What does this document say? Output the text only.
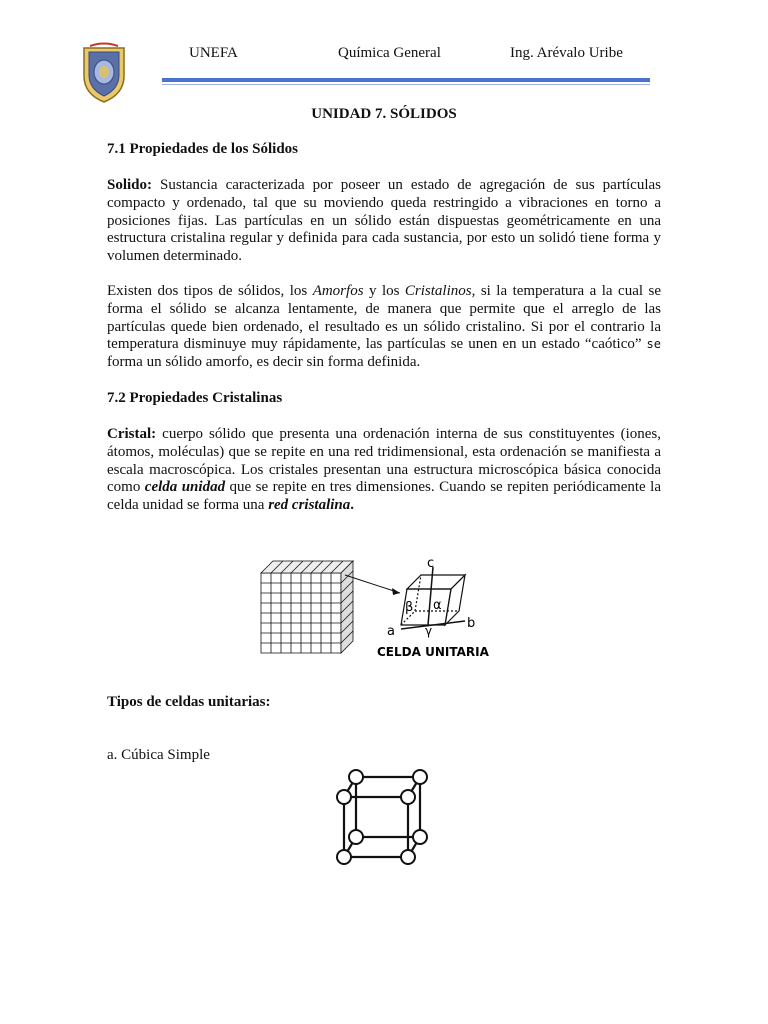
UNEFA	Química General	Ing. Arévalo Uribe
UNIDAD 7. SÓLIDOS
7.1 Propiedades de los Sólidos
Solido: Sustancia caracterizada por poseer un estado de agregación de sus partículas compacto y ordenado, tal que su moviendo queda restringido a vibraciones en torno a posiciones fijas. Las partículas en un sólido están dispuestas geométricamente en una estructura cristalina regular y definida para cada sustancia, por esto un solidó tiene forma y volumen determinado.
Existen dos tipos de sólidos, los Amorfos y los Cristalinos, si la temperatura a la cual se forma el sólido se alcanza lentamente, de manera que permite que el arreglo de las partículas quede bien ordenado, el resultado es un sólido cristalino. Si por el contrario la temperatura disminuye muy rápidamente, las partículas se unen en un estado “caótico” se forma un sólido amorfo, es decir sin forma definida.
7.2 Propiedades Cristalinas
Cristal: cuerpo sólido que presenta una ordenación interna de sus constituyentes (iones, átomos, moléculas) que se repite en una red tridimensional, esta ordenación se manifiesta a escala macroscópica. Los cristales presentan una estructura microscópica básica conocida como celda unidad que se repite en tres dimensiones. Cuando se repiten periódicamente la celda unidad se forma una red cristalina.
c
α
β
γ
a
b
CELDA UNITARIA
Tipos de celdas unitarias:
a. Cúbica Simple
